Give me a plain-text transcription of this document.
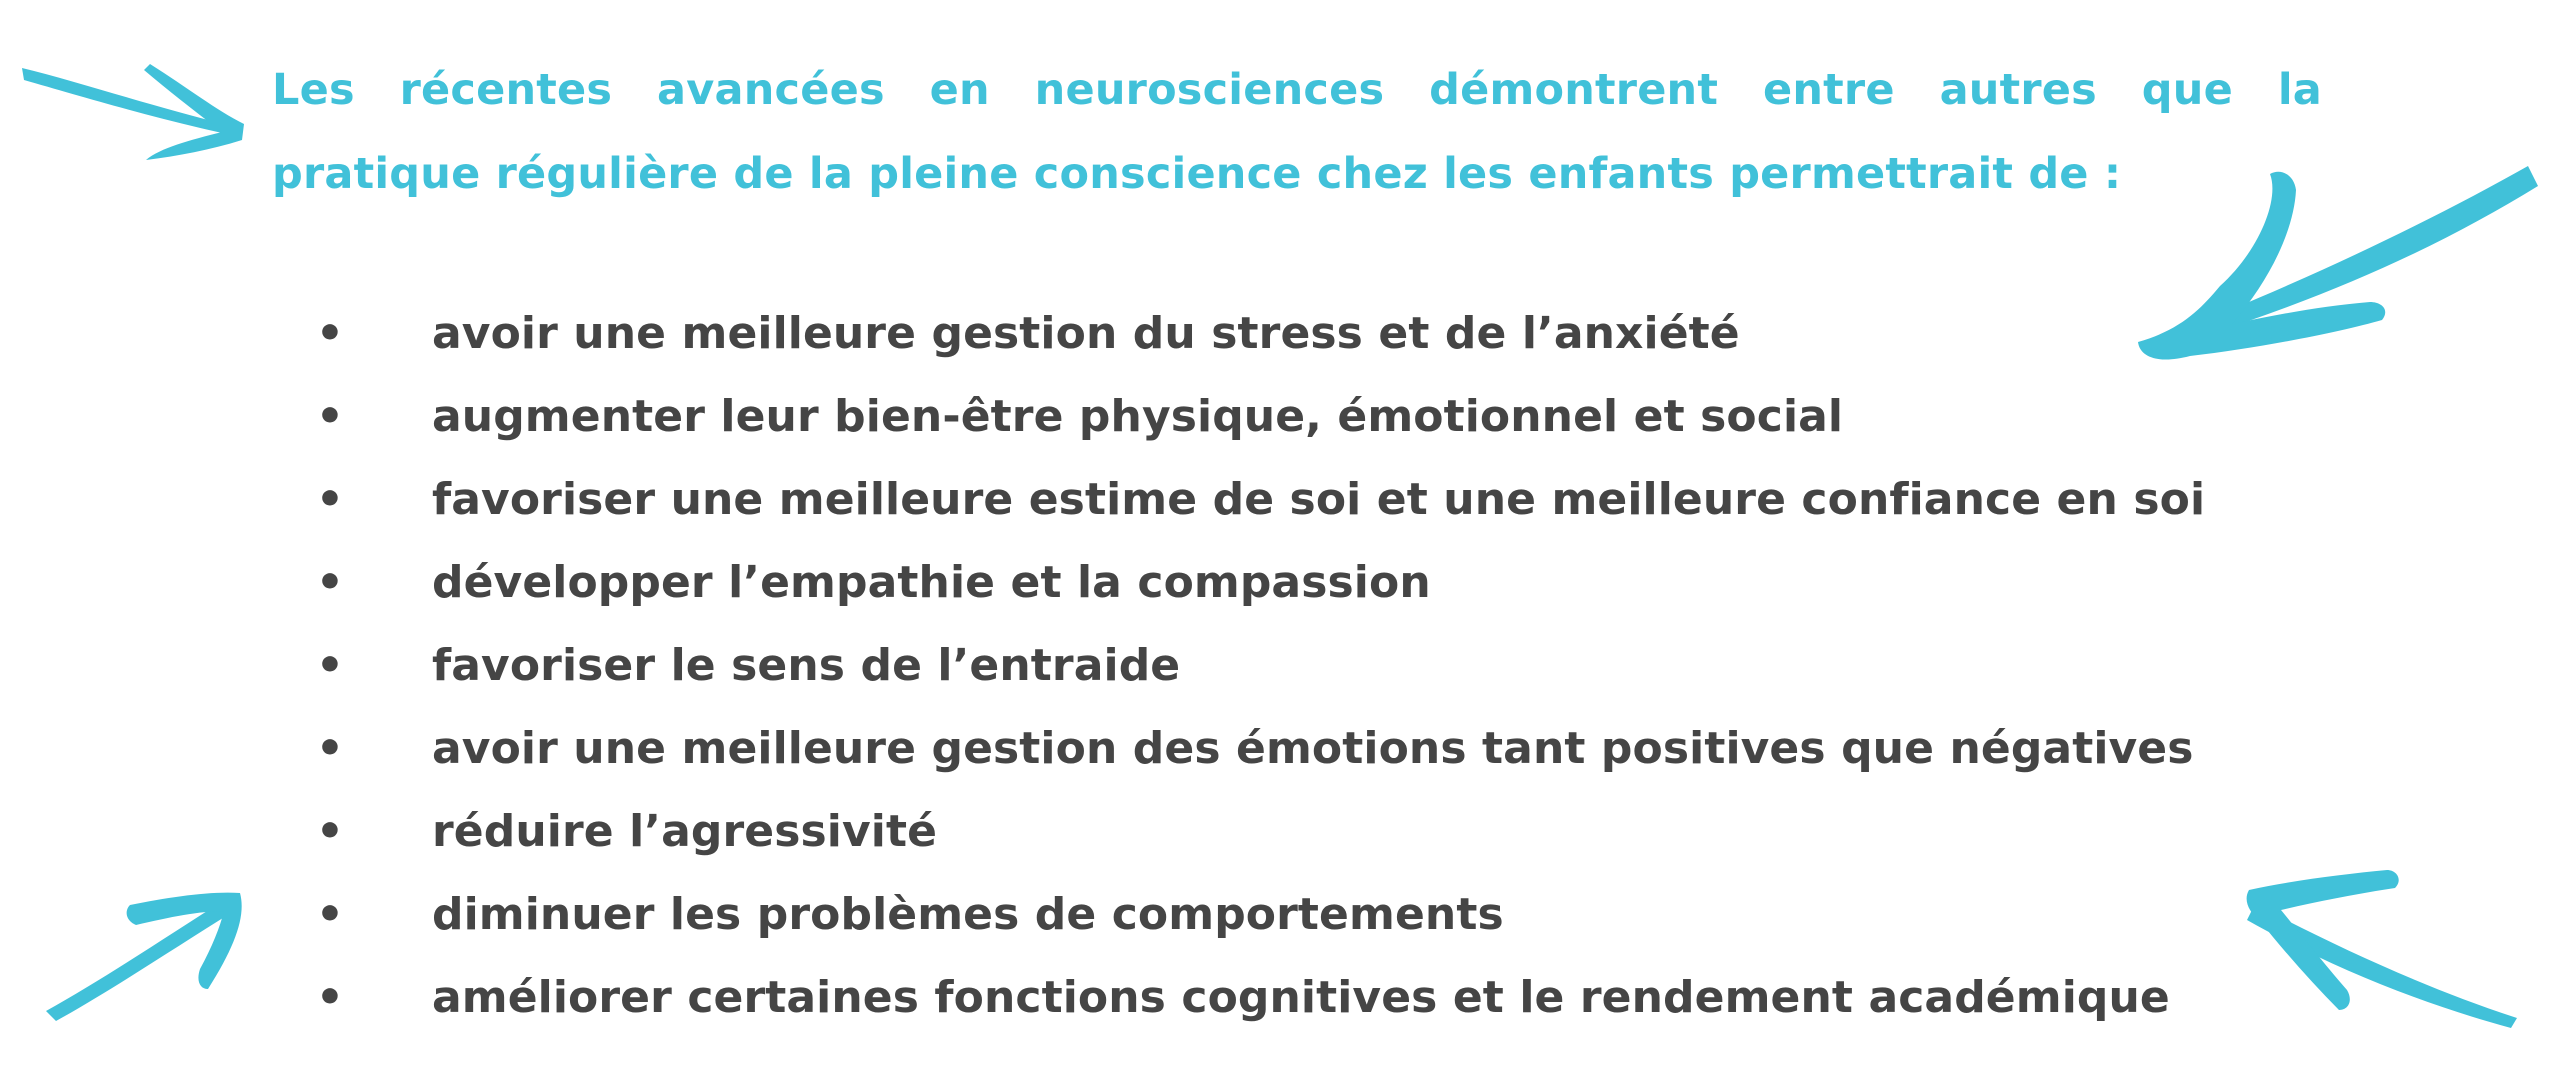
Les récentes avancées en neurosciences démontrent entre autres que la
pratique régulière de la pleine conscience chez les enfants permettrait de :

• avoir une meilleure gestion du stress et de l’anxiété
• augmenter leur bien-être physique, émotionnel et social
• favoriser une meilleure estime de soi et une meilleure confiance en soi
• développer l’empathie et la compassion
• favoriser le sens de l’entraide
• avoir une meilleure gestion des émotions tant positives que négatives
• réduire l’agressivité
• diminuer les problèmes de comportements
• améliorer certaines fonctions cognitives et le rendement académique
